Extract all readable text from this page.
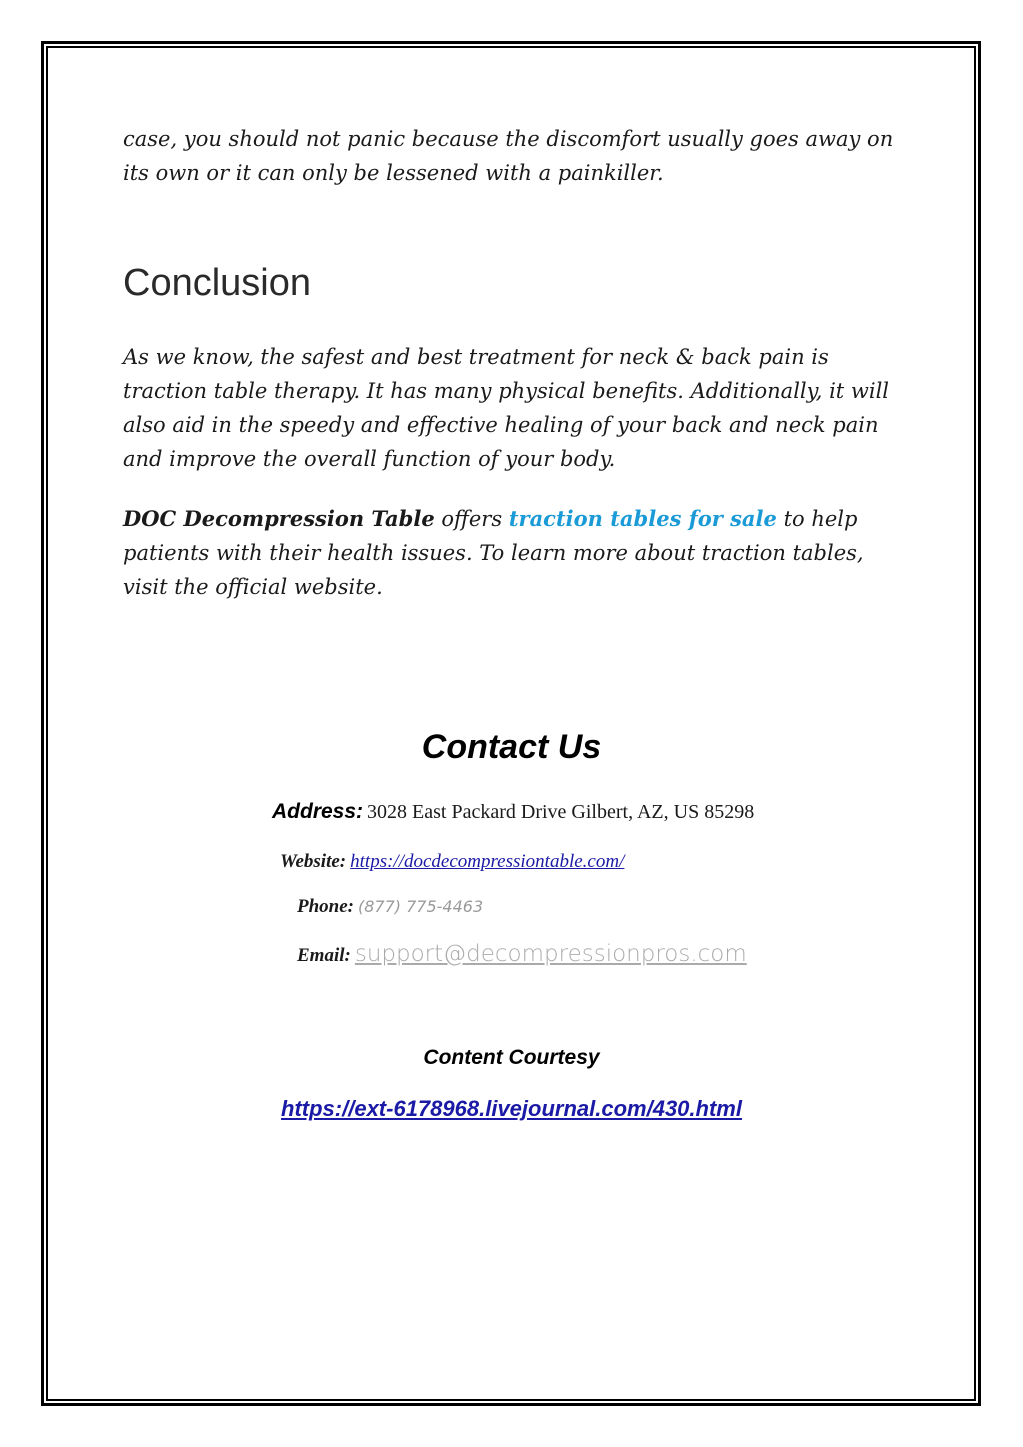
case, you should not panic because the discomfort usually goes away on its own or it can only be lessened with a painkiller.

Conclusion

As we know, the safest and best treatment for neck & back pain is traction table therapy. It has many physical benefits. Additionally, it will also aid in the speedy and effective healing of your back and neck pain and improve the overall function of your body.

DOC Decompression Table offers traction tables for sale to help patients with their health issues. To learn more about traction tables, visit the official website.

Contact Us
Address: 3028 East Packard Drive Gilbert, AZ, US 85298
Website: https://docdecompressiontable.com/
Phone: (877) 775-4463
Email: support@decompressionpros.com
Content Courtesy

https://ext-6178968.livejournal.com/430.html
